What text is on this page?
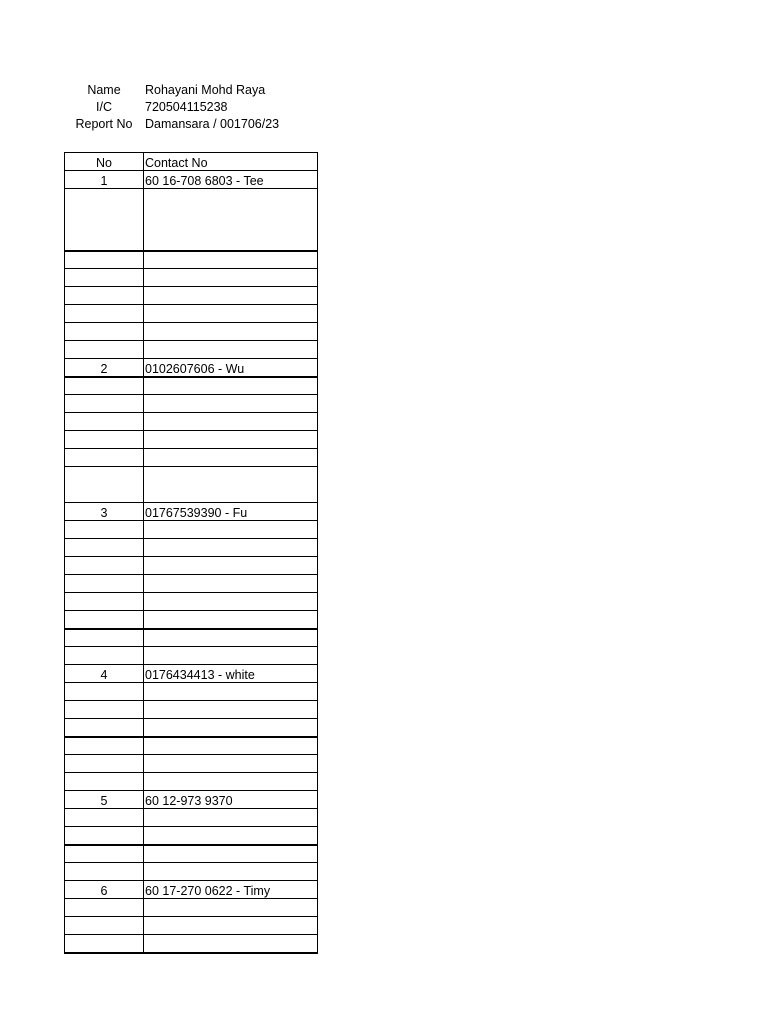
Name	Rohayani Mohd Raya
I/C	720504115238
Report No	Damansara / 001706/23
No	Contact No
1	60 16-708 6803 - Tee

2	0102607606 - Wu

3	01767539390 - Fu

4	0176434413 - white

5	60 12-973 9370

6	60 17-270 0622 - Timy
